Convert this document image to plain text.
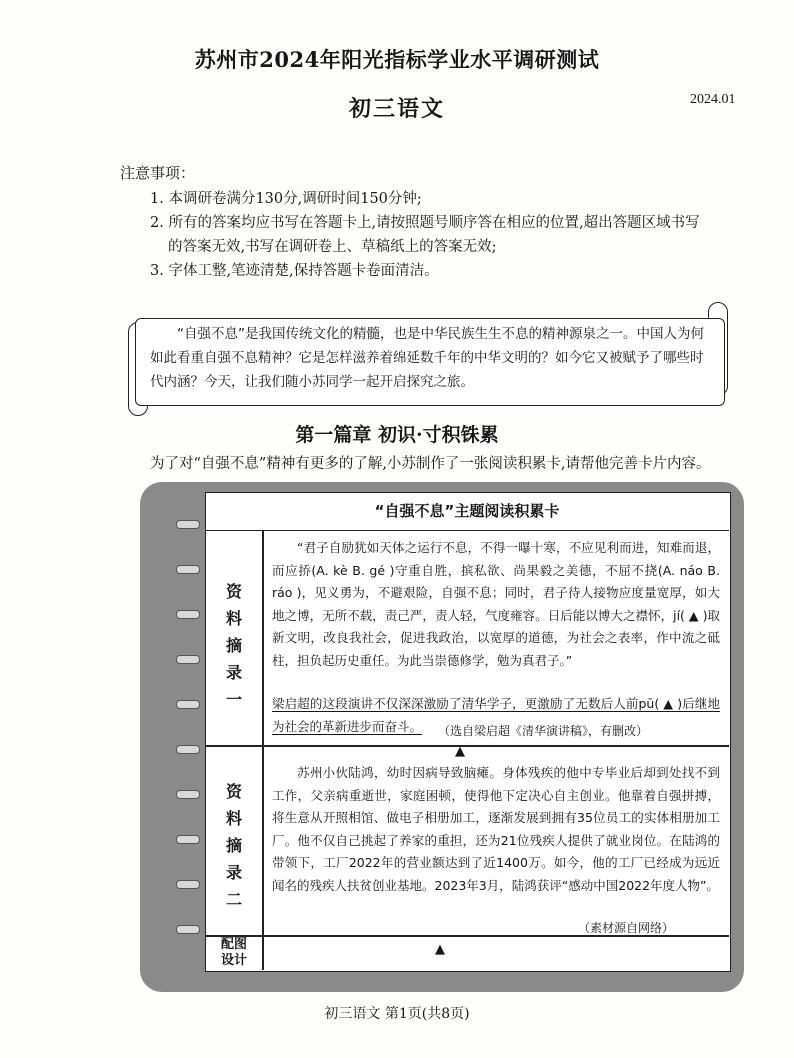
苏州市2024年阳光指标学业水平调研测试
初三语文	2024.01
注意事项：
1. 本调研卷满分130分,调研时间150分钟;
2. 所有的答案均应书写在答题卡上,请按照题号顺序答在相应的位置,超出答题区域书写
的答案无效,书写在调研卷上、草稿纸上的答案无效;
3. 字体工整,笔迹清楚,保持答题卡卷面清洁。
“自强不息”是我国传统文化的精髓，也是中华民族生生不息的精神源泉之一。中国人为何如此看重自强不息精神？它是怎样滋养着绵延数千年的中华文明的？如今它又被赋予了哪些时代内涵？今天，让我们随小苏同学一起开启探究之旅。
第一篇章 初识·寸积铢累
为了对“自强不息”精神有更多的了解,小苏制作了一张阅读积累卡,请帮他完善卡片内容。
“自强不息”主题阅读积累卡
资
料
摘
录
一
“君子自励犹如天体之运行不息，不得一曝十寒，不应见利而进，知难而退，而应挢(A. kè B. gé )守重自胜，摈私欲、尚果毅之美德，不屈不挠(A. náo B. ráo )，见义勇为，不避艰险，自强不息；同时，君子待人接物应度量宽厚，如大地之博，无所不载，责己严，责人轻，气度雍容。日后能以博大之襟怀，jí( ▲ )取新文明，改良我社会，促进我政治，以宽厚的道德，为社会之表率，作中流之砥柱，担负起历史重任。为此当崇德修学，勉为真君子。”
梁启超的这段演讲不仅深深激励了清华学子，更激励了无数后人前pū( ▲ )后继地为社会的革新进步而奋斗。	（选自梁启超《清华演讲稿》，有删改）
▲
资
料
摘
录
二
苏州小伙陆鸿，幼时因病导致脑瘫。身体残疾的他中专毕业后却到处找不到工作，父亲病重逝世，家庭困顿，使得他下定决心自主创业。他靠着自强拼搏，将生意从开照相馆、做电子相册加工，逐渐发展到拥有35位员工的实体相册加工厂。他不仅自己挑起了养家的重担，还为21位残疾人提供了就业岗位。在陆鸿的带领下，工厂2022年的营业额达到了近1400万。如今，他的工厂已经成为远近闻名的残疾人扶贫创业基地。2023年3月，陆鸿获评“感动中国2022年度人物”。
（素材源自网络）
配图
设计
▲
初三语文 第1页(共8页)
